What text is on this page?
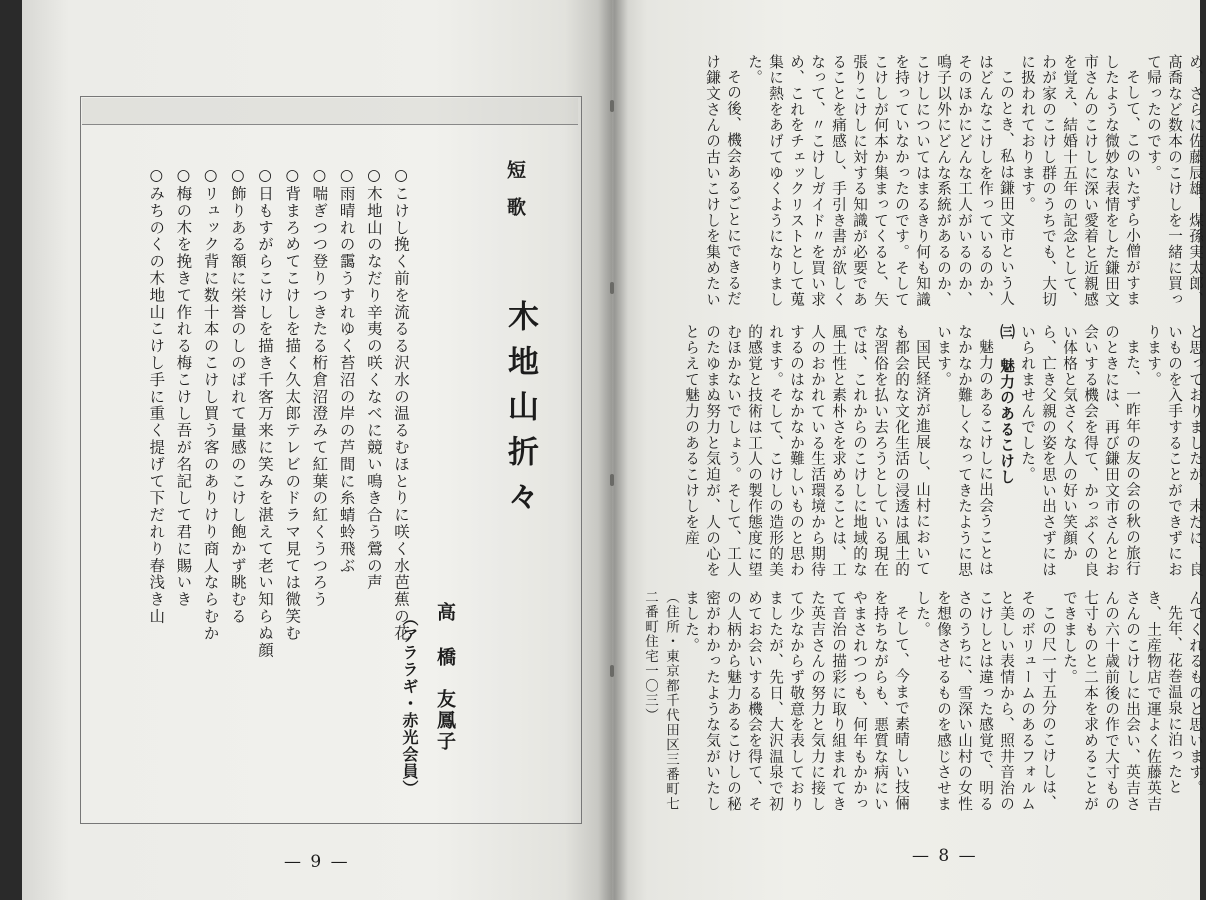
短歌
木地山折々
高 橋　友鳳子
（アララギ・赤光会員）
○こけし挽く前を流るる沢水の温るむほとりに咲く水芭蕉の花
○木地山のなだり辛夷の咲くなべに競い鳴き合う鶯の声
○雨晴れの靄うすれゆく苔沼の岸の芦間に糸蜻蛉飛ぶ
○喘ぎつつ登りつきたる桁倉沼澄みて紅葉の紅くうつろう
○背まろめてこけしを描く久太郎テレビのドラマ見ては微笑む
○日もすがらこけしを描き千客万来に笑みを湛えて老い知らぬ顔
○飾りある額に栄誉のしのばれて量感のこけし飽かず眺むる
○リュック背に数十本のこけし買う客のありけり商人ならむか
○梅の木を挽きて作れる梅こけし吾が名記して君に賜いき
○みちのくの木地山こけし手に重く提げて下だれり春浅き山
— 9 —

め、さらに佐藤辰雄、煤孫実太郎、髙喬など数本のこけしを一緒に買って帰ったのです。

そして、このいたずら小僧がすましたような微妙な表情をした鎌田文市さんのこけしに深い愛着と近親感を覚え、結婚十五年の記念として、わが家のこけし群のうちでも、大切に扱われております。

このとき、私は鎌田文市という人はどんなこけしを作っているのか、そのほかにどんな工人がいるのか、鳴子以外にどんな系統があるのか、こけしについてはまるきり何も知識を持っていなかったのです。そしてこけしが何本か集まってくると、矢張りこけしに対する知識が必要であることを痛感し、手引き書が欲しくなって、〃こけしガイド〃を買い求め、これをチェックリストとして蒐集に熱をあげてゆくようになりました。

その後、機会あるごとにできるだけ鎌文さんの古いこけしを集めたい

と思っておりましたが、未だに、良いものを入手することができずにおります。

また、一昨年の友の会の秋の旅行のときには、再び鎌田文市さんとお会いする機会を得て、かっぷくの良い体格と気さくな人の好い笑顔から、亡き父親の姿を思い出さずにはいられませんでした。

㈢ 魅力のあるこけし

魅力のあるこけしに出会うことはなかなか難しくなってきたように思います。

国民経済が進展し、山村においても都会的な文化生活の浸透は風土的な習俗を払い去ろうとしている現在では、これからのこけしに地域的な風土性と素朴さを求めることは、工人のおかれている生活環境から期待するのはなかなか難しいものと思われます。そして、こけしの造形的美的感覚と技術は工人の製作態度に望むほかないでしょう。そして、工人のたゆまぬ努力と気迫が、人の心をとらえて魅力のあるこけしを産

んでくれるものと思います。

先年、花巻温泉に泊ったとき、土産物店で運よく佐藤英吉さんのこけしに出会い、英吉さんの六十歳前後の作で大寸もの七寸ものと二本を求めることができました。

この尺一寸五分のこけしは、そのボリュームのあるフォルムと美しい表情から、照井音治のこけしとは違った感覚で、明るさのうちに、雪深い山村の女性を想像させるものを感じさせました。

そして、今まで素晴しい技倆を持ちながらも、悪質な病にいやまされつつも、何年もかかって音治の描彩に取り組まれてきた英吉さんの努力と気力に接して少なからず敬意を表しておりましたが、先日、大沢温泉で初めてお会いする機会を得て、その人柄から魅力あるこけしの秘密がわかったような気がいたしました。

（住所・東京都千代田区三番町七二番町住宅一〇三）

— 8 —
